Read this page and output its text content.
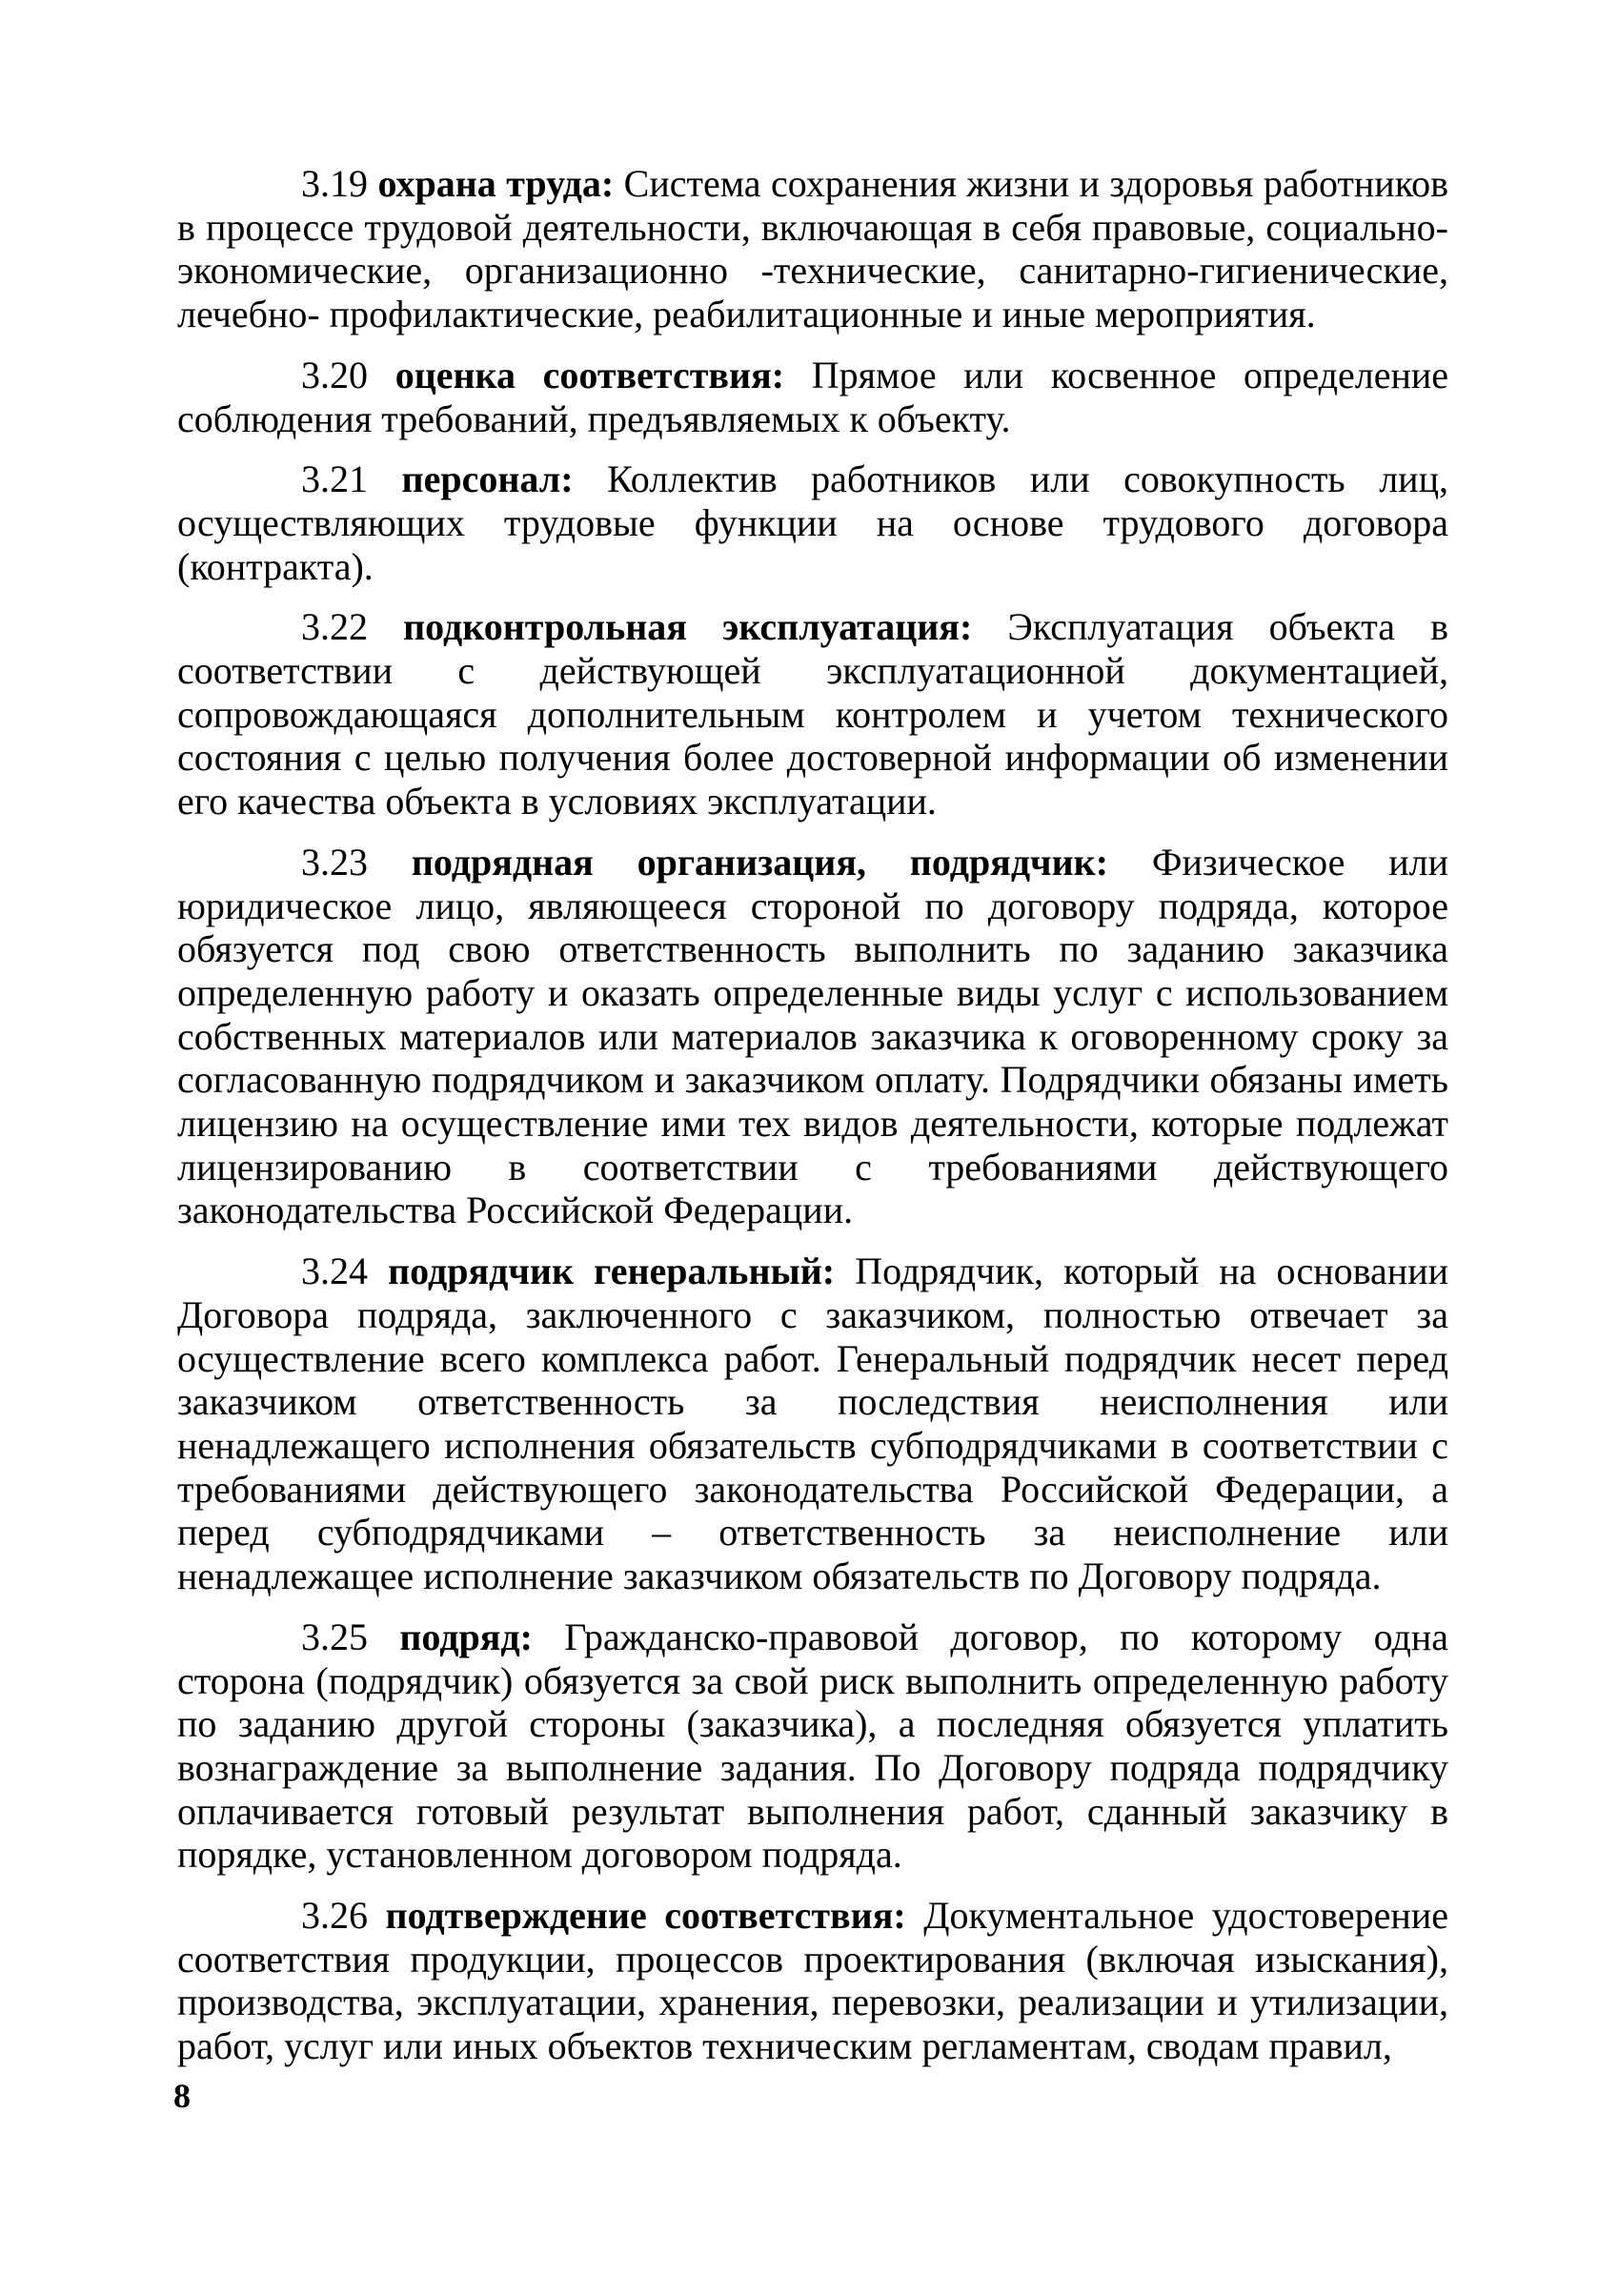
3.19 охрана труда: Система сохранения жизни и здоровья работников в процессе трудовой деятельности, включающая в себя правовые, социально- экономические, организационно -технические, санитарно-гигиенические, лечебно- профилактические, реабилитационные и иные мероприятия.

3.20 оценка соответствия: Прямое или косвенное определение соблюдения требований, предъявляемых к объекту.

3.21 персонал: Коллектив работников или совокупность лиц, осуществляющих трудовые функции на основе трудового договора (контракта).

3.22 подконтрольная эксплуатация: Эксплуатация объекта в соответствии с действующей эксплуатационной документацией, сопровождающаяся дополнительным контролем и учетом технического состояния с целью получения более достоверной информации об изменении его качества объекта в условиях эксплуатации.

3.23 подрядная организация, подрядчик: Физическое или юридическое лицо, являющееся стороной по договору подряда, которое обязуется под свою ответственность выполнить по заданию заказчика определенную работу и оказать определенные виды услуг с использованием собственных материалов или материалов заказчика к оговоренному сроку за согласованную подрядчиком и заказчиком оплату. Подрядчики обязаны иметь лицензию на осуществление ими тех видов деятельности, которые подлежат лицензированию в соответствии с требованиями действующего законодательства Российской Федерации.

3.24 подрядчик генеральный: Подрядчик, который на основании Договора подряда, заключенного с заказчиком, полностью отвечает за осуществление всего комплекса работ. Генеральный подрядчик несет перед заказчиком ответственность за последствия неисполнения или ненадлежащего исполнения обязательств субподрядчиками в соответствии с требованиями действующего законодательства Российской Федерации, а перед субподрядчиками – ответственность за неисполнение или ненадлежащее исполнение заказчиком обязательств по Договору подряда.

3.25 подряд: Гражданско-правовой договор, по которому одна сторона (подрядчик) обязуется за свой риск выполнить определенную работу по заданию другой стороны (заказчика), а последняя обязуется уплатить вознаграждение за выполнение задания. По Договору подряда подрядчику оплачивается готовый результат выполнения работ, сданный заказчику в порядке, установленном договором подряда.

3.26 подтверждение соответствия: Документальное удостоверение соответствия продукции, процессов проектирования (включая изыскания), производства, эксплуатации, хранения, перевозки, реализации и утилизации, работ, услуг или иных объектов техническим регламентам, сводам правил,

8
